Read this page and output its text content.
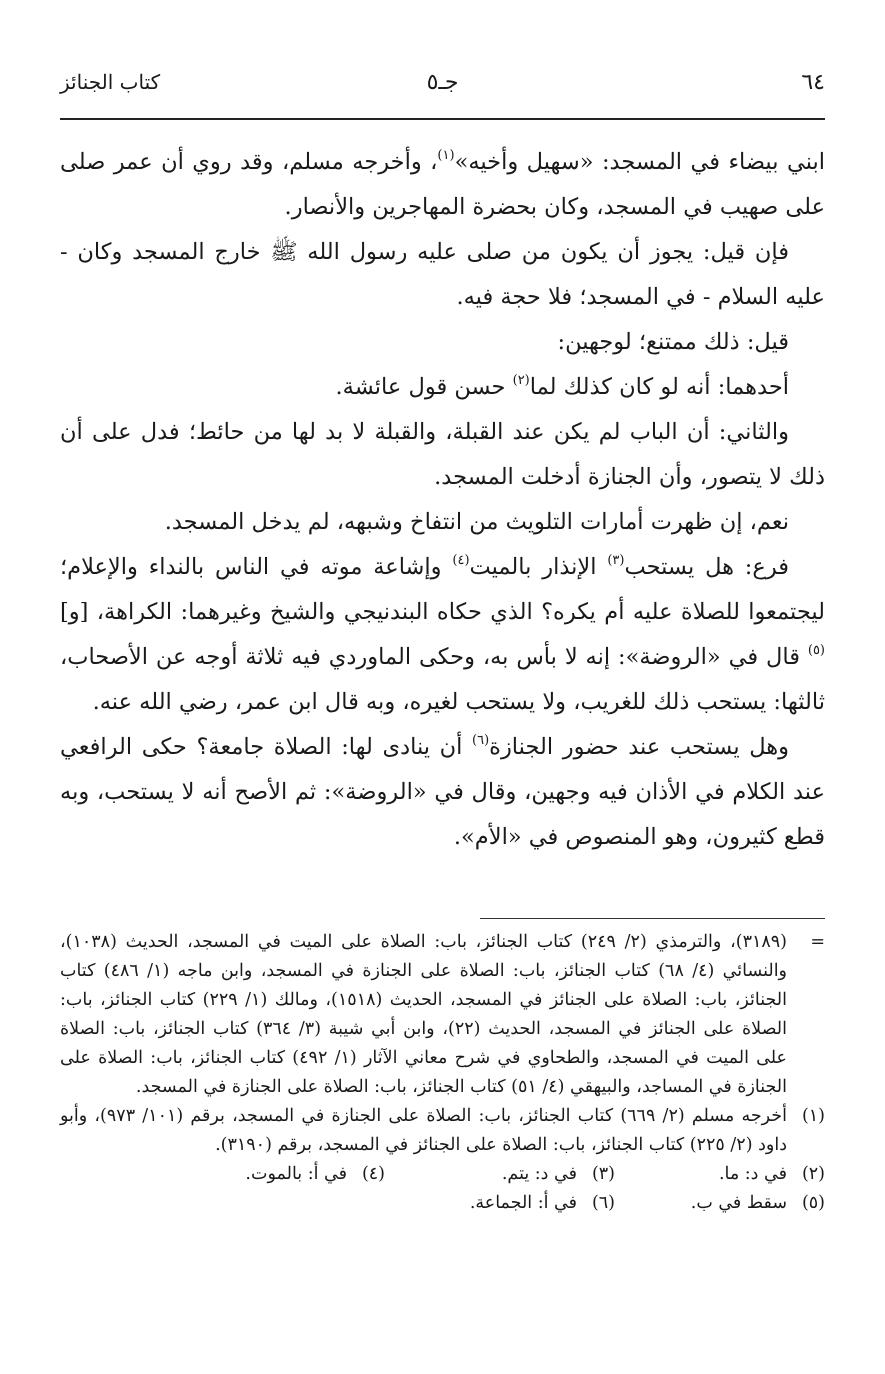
٦٤
جـ٥
كتاب الجنائز

ابني بيضاء في المسجد: «سهيل وأخيه»$^{(١)}$، وأخرجه مسلم، وقد روي أن عمر صلى على صهيب في المسجد، وكان بحضرة المهاجرين والأنصار.

فإن قيل: يجوز أن يكون من صلى عليه رسول الله ﷺ خارج المسجد وكان - عليه السلام - في المسجد؛ فلا حجة فيه.

قيل: ذلك ممتنع؛ لوجهين:

أحدهما: أنه لو كان كذلك لما$^{(٢)}$ حسن قول عائشة.

والثاني: أن الباب لم يكن عند القبلة، والقبلة لا بد لها من حائط؛ فدل على أن ذلك لا يتصور، وأن الجنازة أدخلت المسجد.

نعم، إن ظهرت أمارات التلويث من انتفاخ وشبهه، لم يدخل المسجد.

فرع: هل يستحب$^{(٣)}$ الإنذار بالميت$^{(٤)}$ وإشاعة موته في الناس بالنداء والإعلام؛ ليجتمعوا للصلاة عليه أم يكره؟ الذي حكاه البندنيجي والشيخ وغيرهما: الكراهة، [و]$^{(٥)}$ قال في «الروضة»: إنه لا بأس به، وحكى الماوردي فيه ثلاثة أوجه عن الأصحاب، ثالثها: يستحب ذلك للغريب، ولا يستحب لغيره، وبه قال ابن عمر، رضي الله عنه.

وهل يستحب عند حضور الجنازة$^{(٦)}$ أن ينادى لها: الصلاة جامعة؟ حكى الرافعي عند الكلام في الأذان فيه وجهين، وقال في «الروضة»: ثم الأصح أنه لا يستحب، وبه قطع كثيرون، وهو المنصوص في «الأم».

=
(٣١٨٩)، والترمذي (٢/ ٢٤٩) كتاب الجنائز، باب: الصلاة على الميت في المسجد، الحديث (١٠٣٨)، والنسائي (٤/ ٦٨) كتاب الجنائز، باب: الصلاة على الجنازة في المسجد، وابن ماجه (١/ ٤٨٦) كتاب الجنائز، باب: الصلاة على الجنائز في المسجد، الحديث (١٥١٨)، ومالك (١/ ٢٢٩) كتاب الجنائز، باب: الصلاة على الجنائز في المسجد، الحديث (٢٢)، وابن أبي شيبة (٣/ ٣٦٤) كتاب الجنائز، باب: الصلاة على الميت في المسجد، والطحاوي في شرح معاني الآثار (١/ ٤٩٢) كتاب الجنائز، باب: الصلاة على الجنازة في المساجد، والبيهقي (٤/ ٥١) كتاب الجنائز، باب: الصلاة على الجنازة في المسجد.
(١)
أخرجه مسلم (٢/ ٦٦٩) كتاب الجنائز، باب: الصلاة على الجنازة في المسجد، برقم (١٠١/ ٩٧٣)، وأبو داود (٢/ ٢٢٥) كتاب الجنائز، باب: الصلاة على الجنائز في المسجد، برقم (٣١٩٠).
(٢)
في د: ما.
(٣)
في د: يتم.
(٤)
في أ: بالموت.
(٥)
سقط في ب.
(٦)
في أ: الجماعة.
